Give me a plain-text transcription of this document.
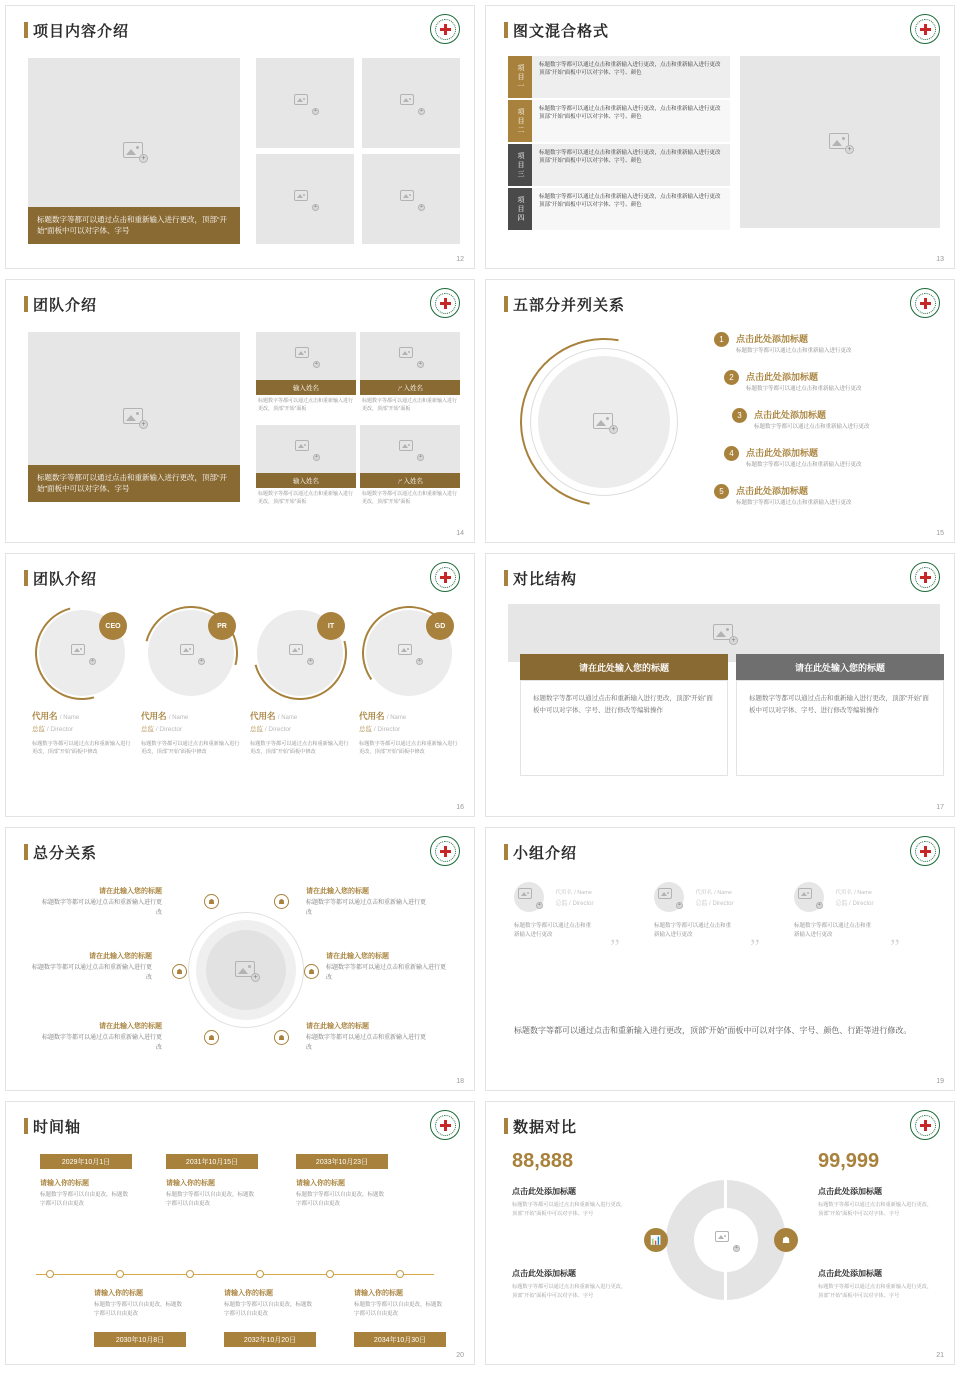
项目内容介绍
+
标题数字等都可以通过点击和重新输入进行更改，顶部“开始”面板中可以对字体、字号
+	+
+	+
12
图文混合格式
项目一	标题数字等都可以通过点击和重新输入进行更改，点击和重新输入进行更改顶部“开始”面板中可以对字体、字号、颜色
项目二	标题数字等都可以通过点击和重新输入进行更改，点击和重新输入进行更改顶部“开始”面板中可以对字体、字号、颜色
项目三	标题数字等都可以通过点击和重新输入进行更改，点击和重新输入进行更改顶部“开始”面板中可以对字体、字号、颜色
项目四	标题数字等都可以通过点击和重新输入进行更改，点击和重新输入进行更改顶部“开始”面板中可以对字体、字号、颜色
+
13
团队介绍
+
标题数字等都可以通过点击和重新输入进行更改，顶部“开始”面板中可以对字体、字号
+
输入姓名
标题数字等都可以通过点击和重新输入进行更改，顶部“开始”面板
+
ㄕ入姓名
标题数字等都可以通过点击和重新输入进行更改，顶部“开始”面板
+
输入姓名
标题数字等都可以通过点击和重新输入进行更改，顶部“开始”面板
+
ㄕ入姓名
标题数字等都可以通过点击和重新输入进行更改，顶部“开始”面板
14
五部分并列关系
+
1	点击此处添加标题
标题数字等都可以通过点击和重新输入进行更改
2	点击此处添加标题
标题数字等都可以通过点击和重新输入进行更改
3	点击此处添加标题
标题数字等都可以通过点击和重新输入进行更改
4	点击此处添加标题
标题数字等都可以通过点击和重新输入进行更改
5	点击此处添加标题
标题数字等都可以通过点击和重新输入进行更改
15
团队介绍
+
CEO
代用名 / Name
总监 / Director
标题数字等都可以通过点击和重新输入进行更改，顶部“开始”面板中修改
+
PR
代用名 / Name
总监 / Director
标题数字等都可以通过点击和重新输入进行更改，顶部“开始”面板中修改
+
IT
代用名 / Name
总监 / Director
标题数字等都可以通过点击和重新输入进行更改，顶部“开始”面板中修改
+
GD
代用名 / Name
总监 / Director
标题数字等都可以通过点击和重新输入进行更改，顶部“开始”面板中修改
16
对比结构
+
请在此处输入您的标题	请在此处输入您的标题
标题数字等都可以通过点击和重新输入进行更改，顶部“开始”面板中可以对字体、字号、进行修改等编辑操作
标题数字等都可以通过点击和重新输入进行更改，顶部“开始”面板中可以对字体、字号、进行修改等编辑操作
17
总分关系
+
☗	☗
☗	☗
☗	☗
请在此输入您的标题

标题数字等都可以通过点击和重新输入进行更改

请在此输入您的标题

标题数字等都可以通过点击和重新输入进行更改

请在此输入您的标题

标题数字等都可以通过点击和重新输入进行更改

请在此输入您的标题

标题数字等都可以通过点击和重新输入进行更改

请在此输入您的标题

标题数字等都可以通过点击和重新输入进行更改

请在此输入您的标题

标题数字等都可以通过点击和重新输入进行更改

18
小组介绍
+

代用名 / Name
总监 / Director
标题数字等都可以通过点击和重新输入进行更改	”
+

代用名 / Name
总监 / Director
标题数字等都可以通过点击和重新输入进行更改	”
+

代用名 / Name
总监 / Director
标题数字等都可以通过点击和重新输入进行更改	”
标题数字等都可以通过点击和重新输入进行更改，顶部“开始”面板中可以对字体、字号、颜色、行距等进行修改。
19
时间轴
2029年10月1日	2031年10月15日	2033年10月23日
请输入你的标题

标题数字等都可以自由更改，标题数字都可以自由更改

请输入你的标题

标题数字等都可以自由更改，标题数字都可以自由更改

请输入你的标题

标题数字等都可以自由更改，标题数字都可以自由更改

请输入你的标题

标题数字等都可以自由更改，标题数字都可以自由更改

请输入你的标题

标题数字等都可以自由更改，标题数字都可以自由更改

请输入你的标题

标题数字等都可以自由更改，标题数字都可以自由更改

2030年10月8日	2032年10月20日	2034年10月30日
20
数据对比
+
📊	☗
88,888	99,999
点击此处添加标题

标题数字等都可以通过点击和重新输入进行更改，顶部“开始”面板中可以对字体、字号

点击此处添加标题

标题数字等都可以通过点击和重新输入进行更改，顶部“开始”面板中可以对字体、字号

点击此处添加标题

标题数字等都可以通过点击和重新输入进行更改，顶部“开始”面板中可以对字体、字号

点击此处添加标题

标题数字等都可以通过点击和重新输入进行更改，顶部“开始”面板中可以对字体、字号

21
